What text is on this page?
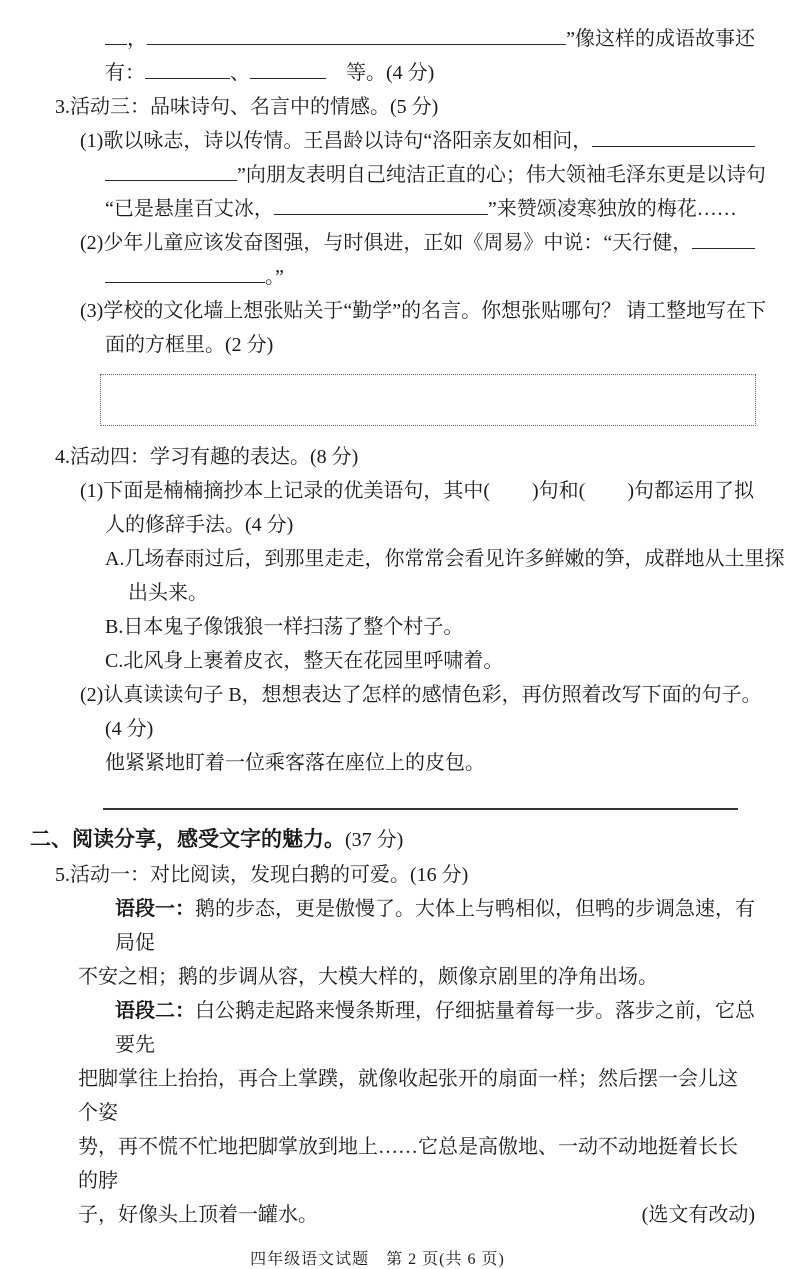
，	”像这样的成语故事还
有：	、　	等。(4 分)
3.活动三：品味诗句、名言中的情感。(5 分)
(1)歌以咏志，诗以传情。王昌龄以诗句“洛阳亲友如相问，
”向朋友表明自己纯洁正直的心；伟大领袖毛泽东更是以诗句
“已是悬崖百丈冰，	”来赞颂凌寒独放的梅花……
(2)少年儿童应该发奋图强，与时俱进，正如《周易》中说：“天行健，
。”
(3)学校的文化墙上想张贴关于“勤学”的名言。你想张贴哪句？ 请工整地写在下
面的方框里。(2 分)
4.活动四：学习有趣的表达。(8 分)
(1)下面是楠楠摘抄本上记录的优美语句，其中( )句和( )句都运用了拟
人的修辞手法。(4 分)
A.几场春雨过后，到那里走走，你常常会看见许多鲜嫩的笋，成群地从土里探
出头来。
B.日本鬼子像饿狼一样扫荡了整个村子。
C.北风身上裹着皮衣，整天在花园里呼啸着。
(2)认真读读句子 B，想想表达了怎样的感情色彩，再仿照着改写下面的句子。
(4 分)
他紧紧地盯着一位乘客落在座位上的皮包。
二、阅读分享，感受文字的魅力。(37 分)
5.活动一：对比阅读，发现白鹅的可爱。(16 分)
语段一：鹅的步态，更是傲慢了。大体上与鸭相似，但鸭的步调急速，有局促
不安之相；鹅的步调从容，大模大样的，颇像京剧里的净角出场。
语段二：白公鹅走起路来慢条斯理，仔细掂量着每一步。落步之前，它总要先
把脚掌往上抬抬，再合上掌蹼，就像收起张开的扇面一样；然后摆一会儿这个姿
势，再不慌不忙地把脚掌放到地上……它总是高傲地、一动不动地挺着长长的脖
子，好像头上顶着一罐水。	(选文有改动)
四年级语文试题　第 2 页(共 6 页)
